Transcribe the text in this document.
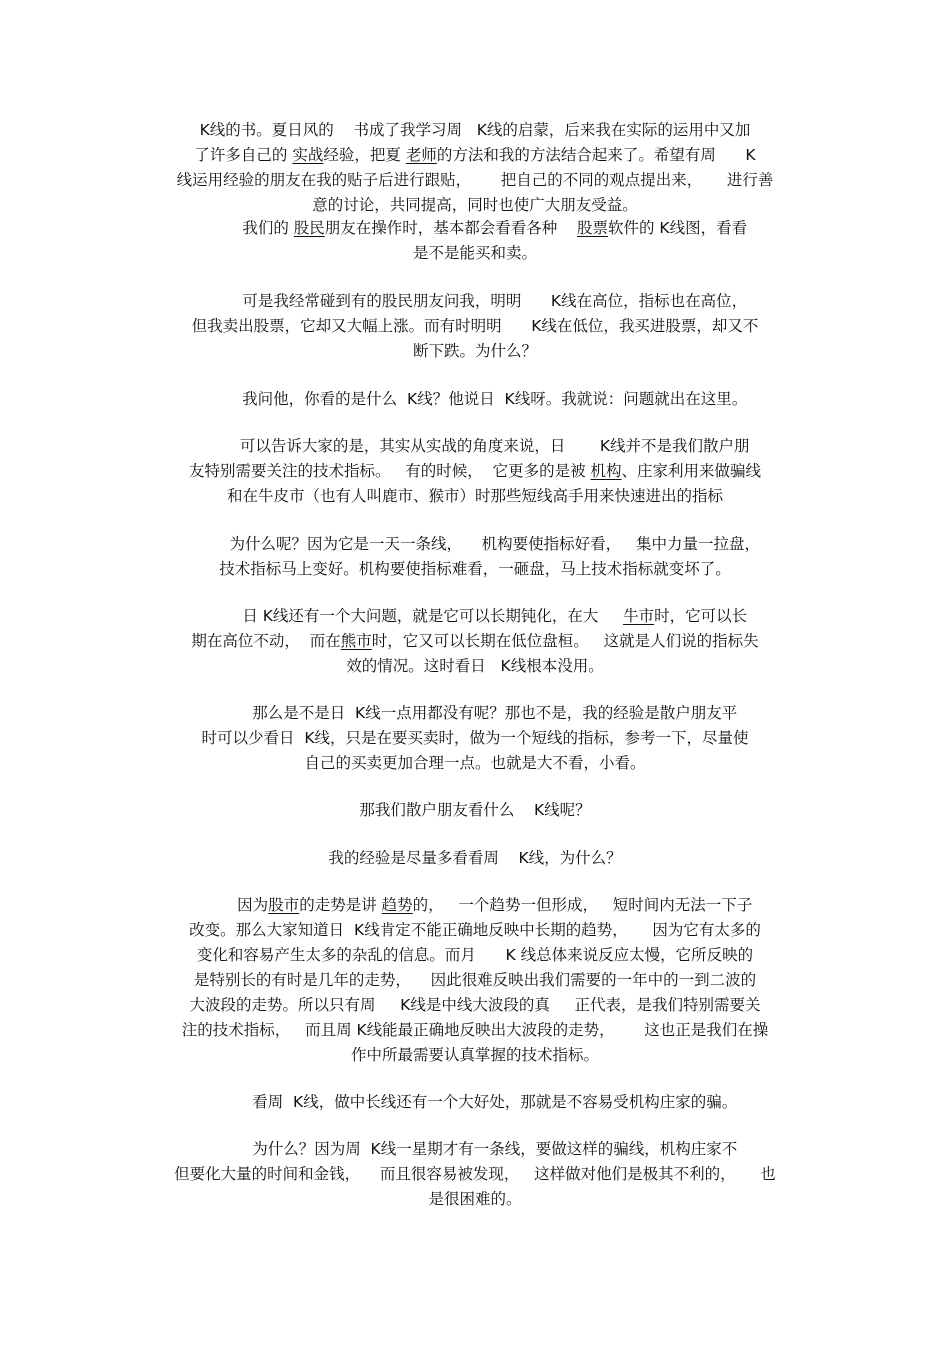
K线的书。夏日风的    书成了我学习周   K线的启蒙，后来我在实际的运用中又加
了许多自己的 实战经验，把夏 老师的方法和我的方法结合起来了。希望有周      K
线运用经验的朋友在我的贴子后进行跟贴，      把自己的不同的观点提出来，     进行善
意的讨论，共同提高，同时也使广大朋友受益。
我们的 股民朋友在操作时，基本都会看看各种    股票软件的 K线图，看看
是不是能买和卖。
可是我经常碰到有的股民朋友问我，明明      K线在高位，指标也在高位，
但我卖出股票，它却又大幅上涨。而有时明明      K线在低位，我买进股票，却又不
断下跌。为什么？
我问他，你看的是什么  K线？他说日  K线呀。我就说：问题就出在这里。
可以告诉大家的是，其实从实战的角度来说，日       K线并不是我们散户朋
友特别需要关注的技术指标。   有的时候，  它更多的是被 机构、庄家利用来做骗线
和在牛皮市（也有人叫鹿市、猴市）时那些短线高手用来快速进出的指标
为什么呢？因为它是一天一条线，    机构要使指标好看，   集中力量一拉盘，
技术指标马上变好。机构要使指标难看，一砸盘，马上技术指标就变坏了。
日 K线还有一个大问题，就是它可以长期钝化，在大     牛市时，它可以长
期在高位不动，  而在熊市时，它又可以长期在低位盘桓。   这就是人们说的指标失
效的情况。这时看日   K线根本没用。
那么是不是日  K线一点用都没有呢？那也不是，我的经验是散户朋友平
时可以少看日  K线，只是在要买卖时，做为一个短线的指标，参考一下，尽量使
自己的买卖更加合理一点。也就是大不看，小看。
那我们散户朋友看什么    K线呢？
我的经验是尽量多看看周    K线，为什么？
因为股市的走势是讲 趋势的，   一个趋势一但形成，   短时间内无法一下子
改变。那么大家知道日  K线肯定不能正确地反映中长期的趋势，     因为它有太多的
变化和容易产生太多的杂乱的信息。而月      K 线总体来说反应太慢，它所反映的
是特别长的有时是几年的走势，    因此很难反映出我们需要的一年中的一到二波的
大波段的走势。所以只有周     K线是中线大波段的真     正代表，是我们特别需要关
注的技术指标，   而且周 K线能最正确地反映出大波段的走势，      这也正是我们在操
作中所最需要认真掌握的技术指标。
看周  K线，做中长线还有一个大好处，那就是不容易受机构庄家的骗。
为什么？因为周  K线一星期才有一条线，要做这样的骗线，机构庄家不
但要化大量的时间和金钱，    而且很容易被发现，   这样做对他们是极其不利的，     也
是很困难的。
